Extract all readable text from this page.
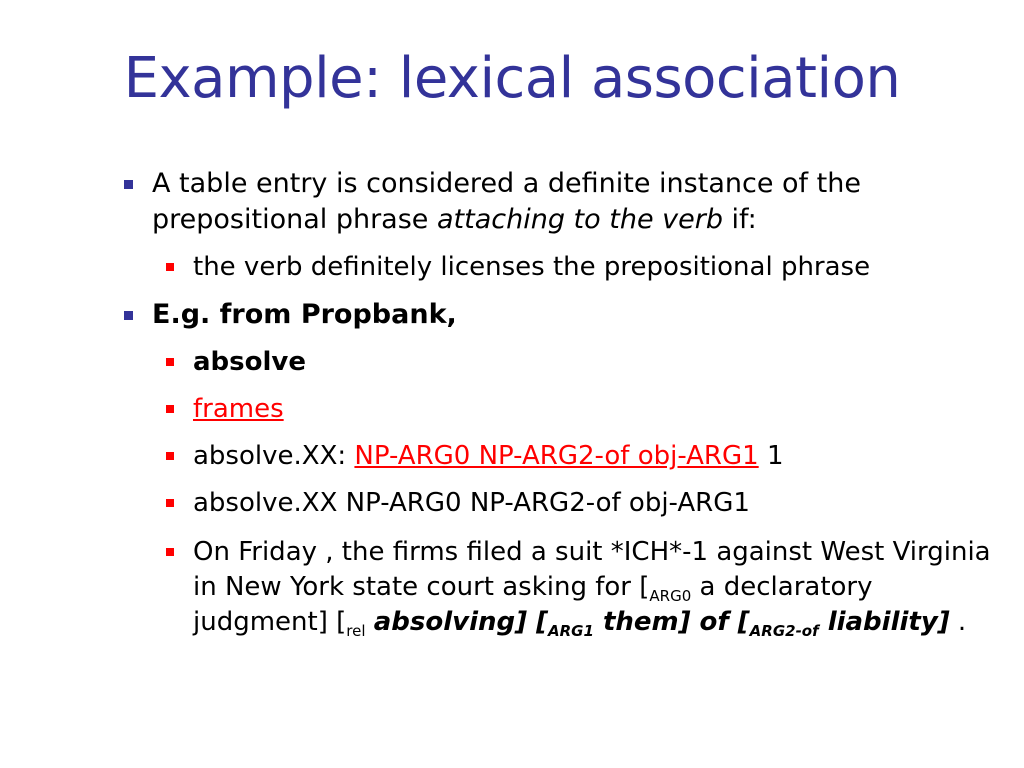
Example: lexical association
A table entry is considered a definite instance of the prepositional phrase attaching to the verb if:
the verb definitely licenses the prepositional phrase
E.g. from Propbank,
absolve
frames
absolve.XX: NP-ARG0 NP-ARG2-of obj-ARG1 1
absolve.XX NP-ARG0 NP-ARG2-of obj-ARG1
On Friday , the firms filed a suit *ICH*-1 against West Virginia in New York state court asking for [$_{ARG0}$ a declaratory judgment] [$_{rel}$ absolving] [$_{ARG1}$ them] of [$_{ARG2-of}$ liability] .
